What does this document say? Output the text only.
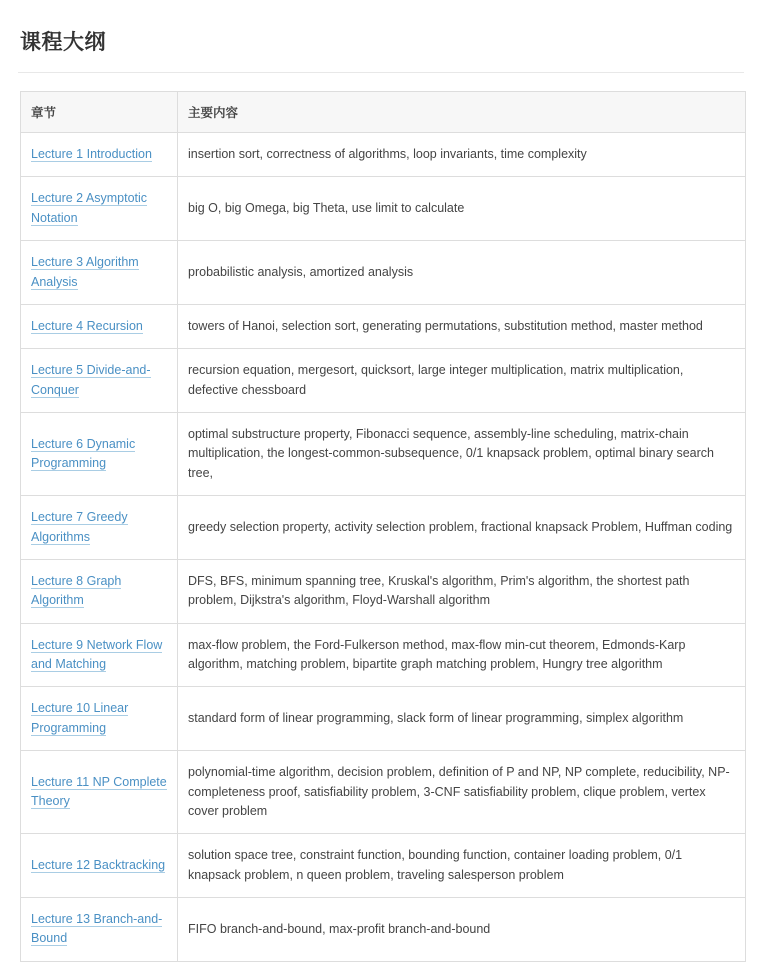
课程大纲
章节	主要内容
Lecture 1 Introduction	insertion sort, correctness of algorithms, loop invariants, time complexity
Lecture 2 Asymptotic Notation	big O, big Omega, big Theta, use limit to calculate
Lecture 3 Algorithm Analysis	probabilistic analysis, amortized analysis
Lecture 4 Recursion	towers of Hanoi, selection sort, generating permutations, substitution method, master method
Lecture 5 Divide-and-Conquer	recursion equation, mergesort, quicksort, large integer multiplication, matrix multiplication, defective chessboard
Lecture 6 Dynamic Programming	optimal substructure property, Fibonacci sequence, assembly-line scheduling, matrix-chain multiplication, the longest-common-subsequence, 0/1 knapsack problem, optimal binary search tree,
Lecture 7 Greedy Algorithms	greedy selection property, activity selection problem, fractional knapsack Problem, Huffman coding
Lecture 8 Graph Algorithm	DFS, BFS, minimum spanning tree, Kruskal's algorithm, Prim's algorithm, the shortest path problem, Dijkstra's algorithm, Floyd-Warshall algorithm
Lecture 9 Network Flow and Matching	max-flow problem, the Ford-Fulkerson method, max-flow min-cut theorem, Edmonds-Karp algorithm, matching problem, bipartite graph matching problem, Hungry tree algorithm
Lecture 10 Linear Programming	standard form of linear programming, slack form of linear programming, simplex algorithm
Lecture 11 NP Complete Theory	polynomial-time algorithm, decision problem, definition of P and NP, NP complete, reducibility, NP-completeness proof, satisfiability problem, 3-CNF satisfiability problem, clique problem, vertex cover problem
Lecture 12 Backtracking	solution space tree, constraint function, bounding function, container loading problem, 0/1 knapsack problem, n queen problem, traveling salesperson problem
Lecture 13 Branch-and-Bound	FIFO branch-and-bound, max-profit branch-and-bound
